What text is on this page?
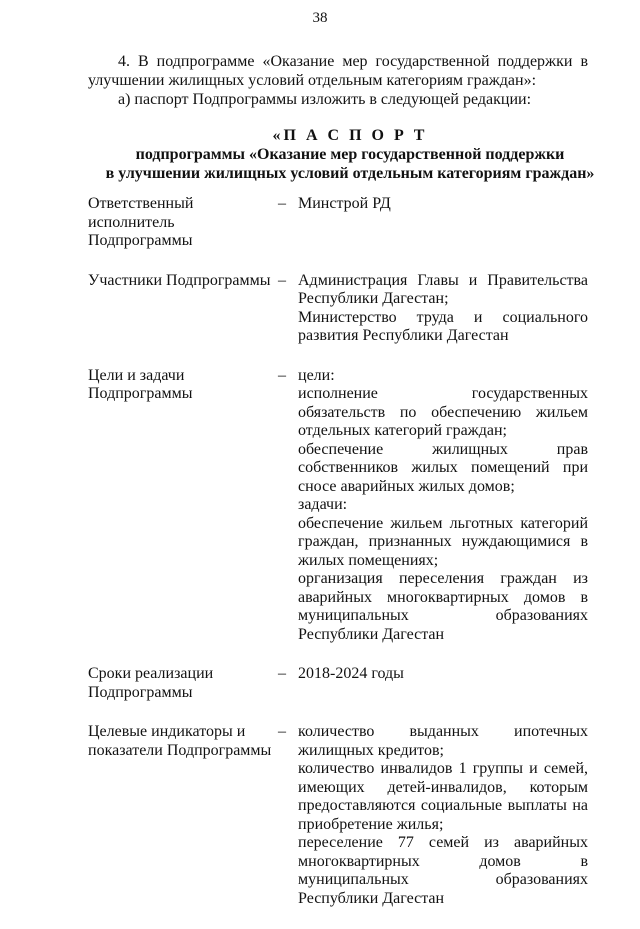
38

4. В подпрограмме «Оказание мер государственной поддержки в улучшении жилищных условий отдельным категориям граждан»:

а) паспорт Подпрограммы изложить в следующей редакции:

«П А С П О Р Т
подпрограммы «Оказание мер государственной поддержки
в улучшении жилищных условий отдельным категориям граждан»
Ответственный исполнитель Подпрограммы
– Минстрой РД
Участники Подпрограммы – Администрация Главы и Правительства Республики Дагестан;
Министерство труда и социального развития Республики Дагестан
Цели и задачи Подпрограммы
– цели:
исполнение государственных обязательств по обеспечению жильем отдельных категорий граждан;
обеспечение жилищных прав собственников жилых помещений при сносе аварийных жилых домов;
задачи:
обеспечение жильем льготных категорий граждан, признанных нуждающимися в жилых помещениях;
организация переселения граждан из аварийных многоквартирных домов в муниципальных образованиях Республики Дагестан
Сроки реализации Подпрограммы
– 2018-2024 годы
Целевые индикаторы и показатели Подпрограммы
– количество выданных ипотечных жилищных кредитов;
количество инвалидов 1 группы и семей, имеющих детей-инвалидов, которым предоставляются социальные выплаты на приобретение жилья;
переселение 77 семей из аварийных многоквартирных домов в муниципальных образованиях Республики Дагестан
